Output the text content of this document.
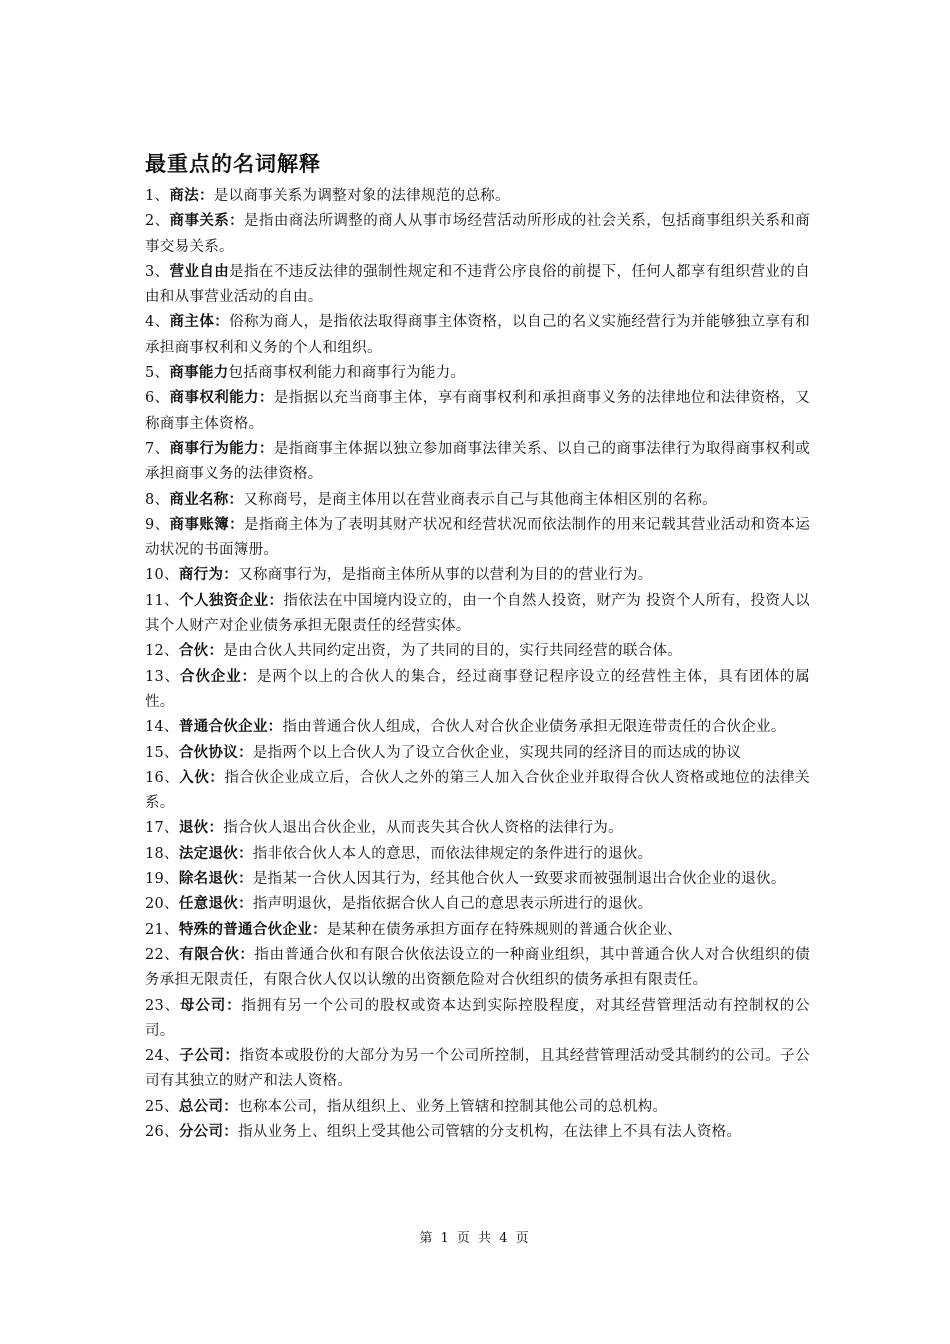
最重点的名词解释

1、商法：是以商事关系为调整对象的法律规范的总称。

2、商事关系：是指由商法所调整的商人从事市场经营活动所形成的社会关系，包括商事组织关系和商事交易关系。

3、营业自由是指在不违反法律的强制性规定和不违背公序良俗的前提下，任何人都享有组织营业的自由和从事营业活动的自由。

4、商主体：俗称为商人，是指依法取得商事主体资格，以自己的名义实施经营行为并能够独立享有和承担商事权利和义务的个人和组织。

5、商事能力包括商事权利能力和商事行为能力。

6、商事权利能力：是指据以充当商事主体，享有商事权利和承担商事义务的法律地位和法律资格，又称商事主体资格。

7、商事行为能力：是指商事主体据以独立参加商事法律关系、以自己的商事法律行为取得商事权利或承担商事义务的法律资格。

8、商业名称：又称商号，是商主体用以在营业商表示自己与其他商主体相区别的名称。

9、商事账簿：是指商主体为了表明其财产状况和经营状况而依法制作的用来记载其营业活动和资本运动状况的书面簿册。

10、商行为：又称商事行为，是指商主体所从事的以营利为目的的营业行为。

11、个人独资企业：指依法在中国境内设立的，由一个自然人投资，财产为 投资个人所有，投资人以其个人财产对企业债务承担无限责任的经营实体。

12、合伙：是由合伙人共同约定出资，为了共同的目的，实行共同经营的联合体。

13、合伙企业：是两个以上的合伙人的集合，经过商事登记程序设立的经营性主体，具有团体的属性。

14、普通合伙企业：指由普通合伙人组成，合伙人对合伙企业债务承担无限连带责任的合伙企业。

15、合伙协议：是指两个以上合伙人为了设立合伙企业，实现共同的经济目的而达成的协议

16、入伙：指合伙企业成立后，合伙人之外的第三人加入合伙企业并取得合伙人资格或地位的法律关系。

17、退伙：指合伙人退出合伙企业，从而丧失其合伙人资格的法律行为。

18、法定退伙：指非依合伙人本人的意思，而依法律规定的条件进行的退伙。

19、除名退伙：是指某一合伙人因其行为，经其他合伙人一致要求而被强制退出合伙企业的退伙。

20、任意退伙：指声明退伙，是指依据合伙人自己的意思表示所进行的退伙。

21、特殊的普通合伙企业：是某种在债务承担方面存在特殊规则的普通合伙企业、

22、有限合伙：指由普通合伙和有限合伙依法设立的一种商业组织，其中普通合伙人对合伙组织的债务承担无限责任，有限合伙人仅以认缴的出资额危险对合伙组织的债务承担有限责任。

23、母公司：指拥有另一个公司的股权或资本达到实际控股程度，对其经营管理活动有控制权的公司。

24、子公司：指资本或股份的大部分为另一个公司所控制，且其经营管理活动受其制约的公司。子公司有其独立的财产和法人资格。

25、总公司：也称本公司，指从组织上、业务上管辖和控制其他公司的总机构。

26、分公司：指从业务上、组织上受其他公司管辖的分支机构，在法律上不具有法人资格。

第 1 页 共 4 页
